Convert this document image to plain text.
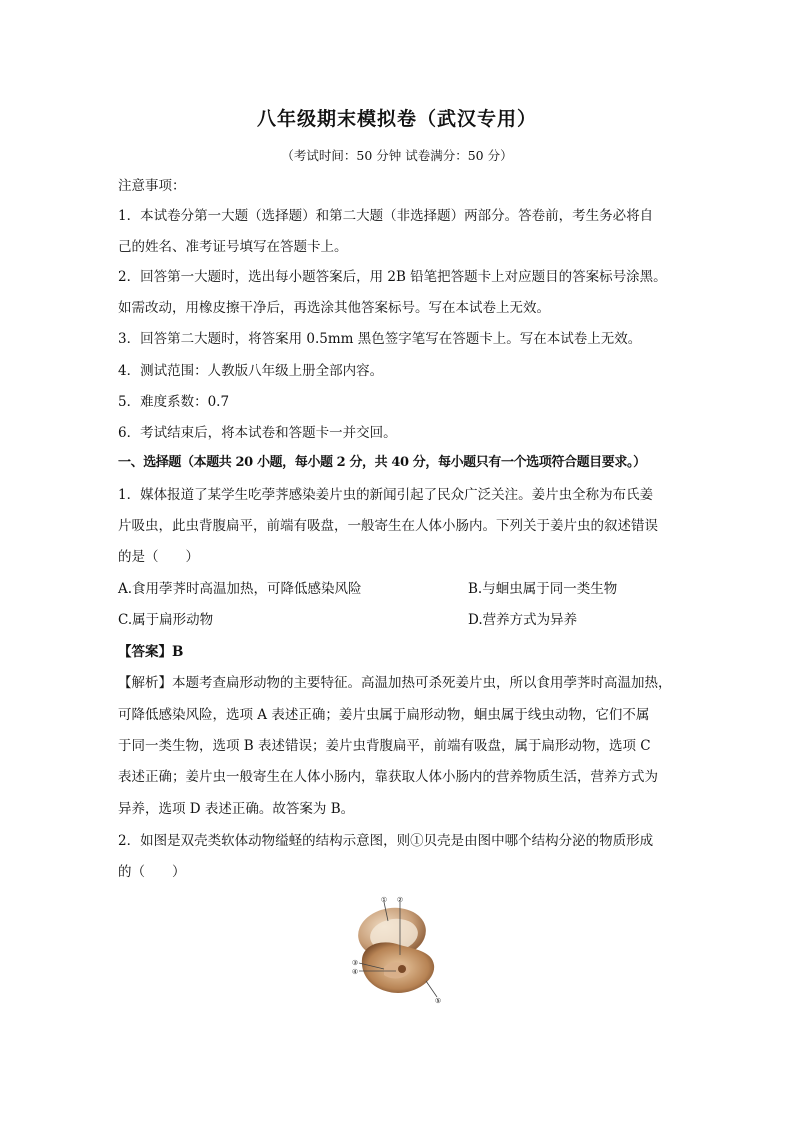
八年级期末模拟卷（武汉专用）
（考试时间：50 分钟 试卷满分：50 分）
注意事项：
1．本试卷分第一大题（选择题）和第二大题（非选择题）两部分。答卷前，考生务必将自
己的姓名、准考证号填写在答题卡上。
2．回答第一大题时，选出每小题答案后，用 2B 铅笔把答题卡上对应题目的答案标号涂黑。
如需改动，用橡皮擦干净后，再选涂其他答案标号。写在本试卷上无效。
3．回答第二大题时，将答案用 0.5mm 黑色签字笔写在答题卡上。写在本试卷上无效。
4．测试范围：人教版八年级上册全部内容。
5．难度系数：0.7
6．考试结束后，将本试卷和答题卡一并交回。
一、选择题（本题共 20 小题，每小题 2 分，共 40 分，每小题只有一个选项符合题目要求。）
1．媒体报道了某学生吃荸荠感染姜片虫的新闻引起了民众广泛关注。姜片虫全称为布氏姜
片吸虫，此虫背腹扁平，前端有吸盘，一般寄生在人体小肠内。下列关于姜片虫的叙述错误
的是（　　）
A.食用荸荠时高温加热，可降低感染风险	B.与蛔虫属于同一类生物
C.属于扁形动物	D.营养方式为异养
【答案】B
【解析】本题考查扁形动物的主要特征。高温加热可杀死姜片虫，所以食用荸荠时高温加热，
可降低感染风险，选项 A 表述正确；姜片虫属于扁形动物，蛔虫属于线虫动物，它们不属
于同一类生物，选项 B 表述错误；姜片虫背腹扁平，前端有吸盘，属于扁形动物，选项 C
表述正确；姜片虫一般寄生在人体小肠内，靠获取人体小肠内的营养物质生活，营养方式为
异养，选项 D 表述正确。故答案为 B。
2．如图是双壳类软体动物缢蛏的结构示意图，则①贝壳是由图中哪个结构分泌的物质形成
的（　　）
① ②
③
④
⑤
